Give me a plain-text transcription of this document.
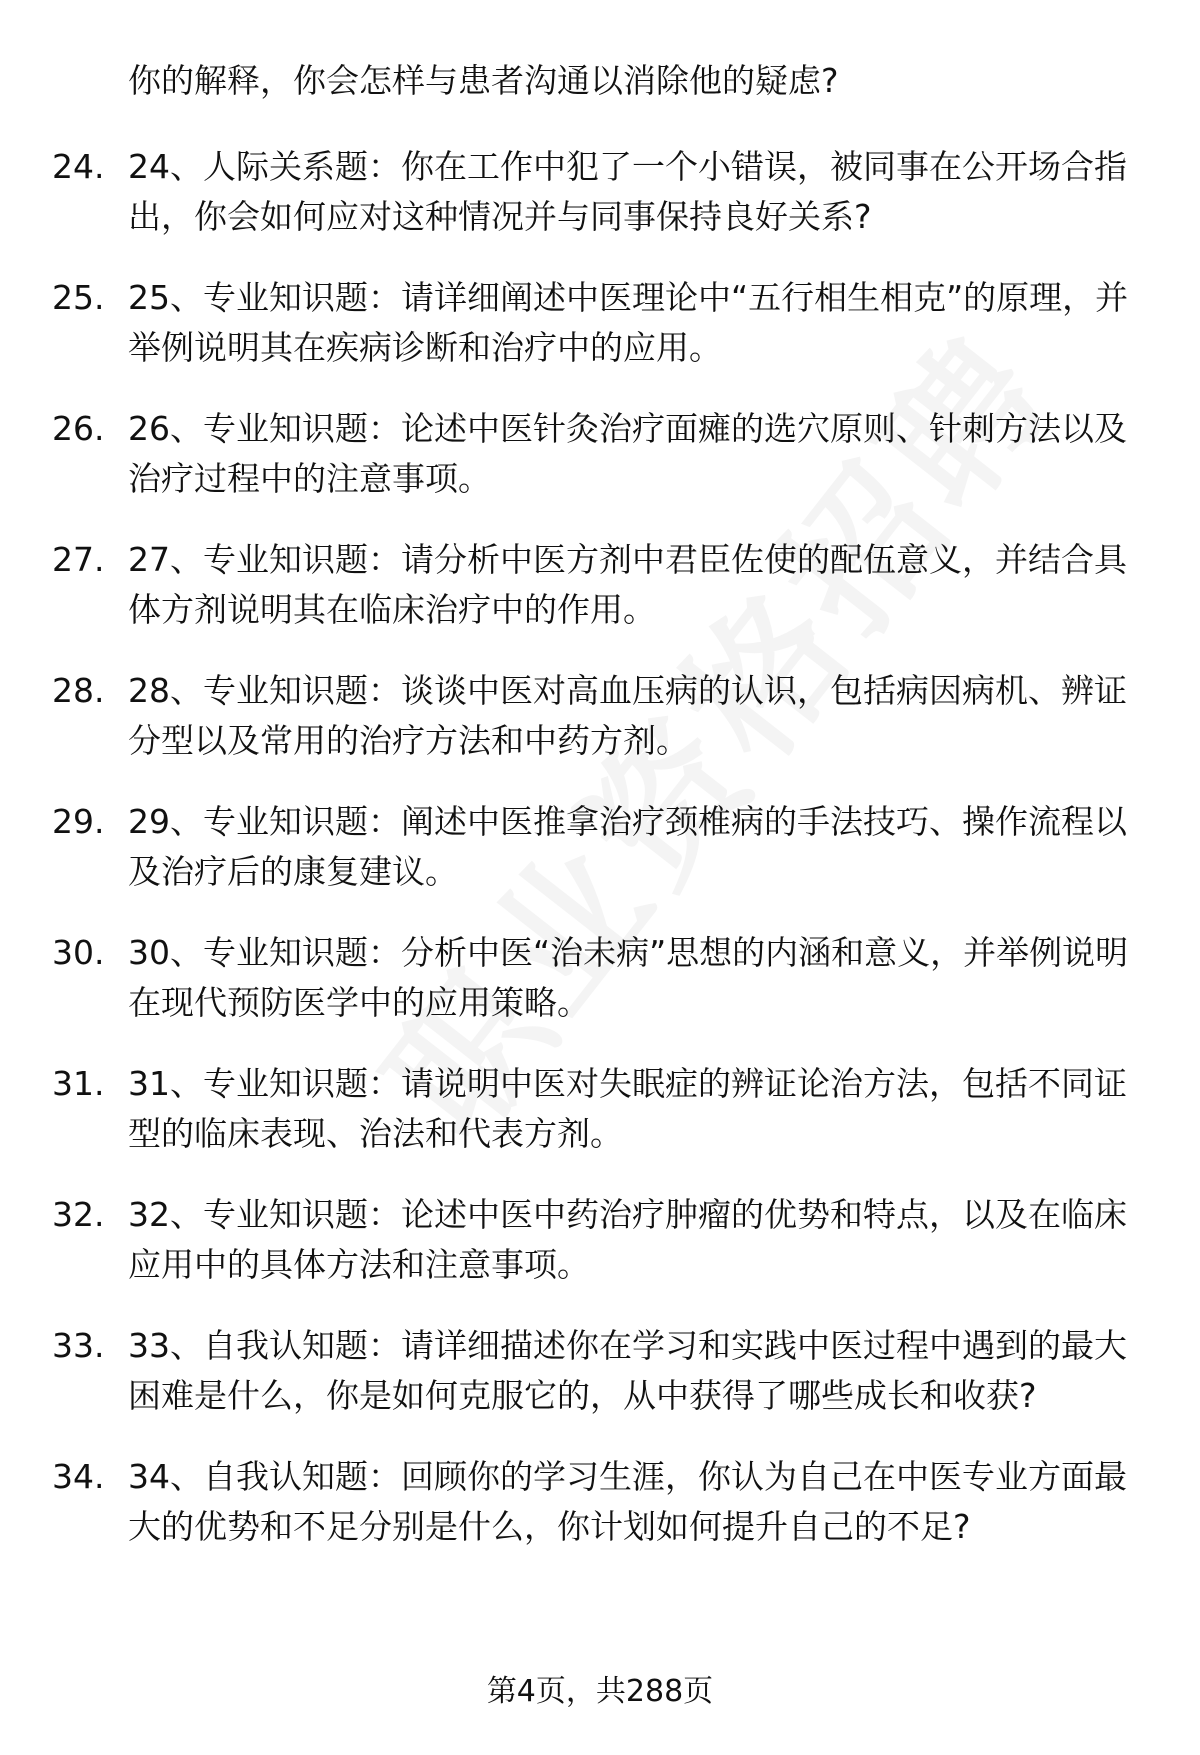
你的解释，你会怎样与患者沟通以消除他的疑虑?
24. 24、人际关系题：你在工作中犯了一个小错误，被同事在公开场合指出，你会如何应对这种情况并与同事保持良好关系?
25. 25、专业知识题：请详细阐述中医理论中“五行相生相克”的原理，并举例说明其在疾病诊断和治疗中的应用。
26. 26、专业知识题：论述中医针灸治疗面瘫的选穴原则、针刺方法以及治疗过程中的注意事项。
27. 27、专业知识题：请分析中医方剂中君臣佐使的配伍意义，并结合具体方剂说明其在临床治疗中的作用。
28. 28、专业知识题：谈谈中医对高血压病的认识，包括病因病机、辨证分型以及常用的治疗方法和中药方剂。
29. 29、专业知识题：阐述中医推拿治疗颈椎病的手法技巧、操作流程以及治疗后的康复建议。
30. 30、专业知识题：分析中医“治未病”思想的内涵和意义，并举例说明在现代预防医学中的应用策略。
31. 31、专业知识题：请说明中医对失眠症的辨证论治方法，包括不同证型的临床表现、治法和代表方剂。
32. 32、专业知识题：论述中医中药治疗肿瘤的优势和特点，以及在临床应用中的具体方法和注意事项。
33. 33、自我认知题：请详细描述你在学习和实践中医过程中遇到的最大困难是什么，你是如何克服它的，从中获得了哪些成长和收获?
34. 34、自我认知题：回顾你的学习生涯，你认为自己在中医专业方面最大的优势和不足分别是什么，你计划如何提升自己的不足?
第4页，共288页
